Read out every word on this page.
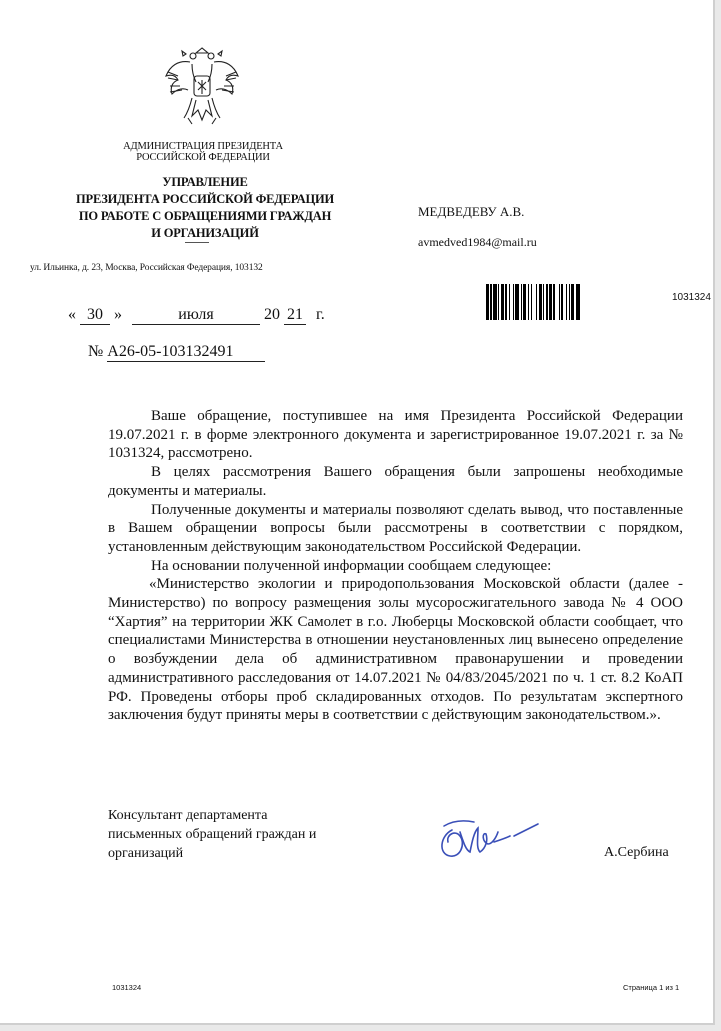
АДМИНИСТРАЦИЯ ПРЕЗИДЕНТА
РОССИЙСКОЙ ФЕДЕРАЦИИ
УПРАВЛЕНИЕ
ПРЕЗИДЕНТА РОССИЙСКОЙ ФЕДЕРАЦИИ
ПО РАБОТЕ С ОБРАЩЕНИЯМИ ГРАЖДАН
И ОРГАНИЗАЦИЙ
ул. Ильинка, д. 23, Москва, Российская Федерация, 103132
МЕДВЕДЕВУ А.В.
avmedved1984@mail.ru
1031324
« 30 »	июля	20 21 г.
№ А26-05-103132491

Ваше обращение, поступившее на имя Президента Российской Федерации 19.07.2021 г. в форме электронного документа и зарегистрированное 19.07.2021 г. за № 1031324, рассмотрено.

В целях рассмотрения Вашего обращения были запрошены необходимые документы и материалы.

Полученные документы и материалы позволяют сделать вывод, что поставленные в Вашем обращении вопросы были рассмотрены в соответствии с порядком, установленным действующим законодательством Российской Федерации.

На основании полученной информации сообщаем следующее:

«Министерство экологии и природопользования Московской области (далее - Министерство) по вопросу размещения золы мусоросжигательного завода № 4 ООО “Хартия” на территории ЖК Самолет в г.о. Люберцы Московской области сообщает, что специалистами Министерства в отношении неустановленных лиц вынесено определение о возбуждении дела об административном правонарушении и проведении административного расследования от 14.07.2021 № 04/83/2045/2021 по ч. 1 ст. 8.2 КоАП РФ. Проведены отборы проб складированных отходов. По результатам экспертного заключения будут приняты меры в соответствии с действующим законодательством.».

Консультант департамента
письменных обращений граждан и
организаций	А.Сербина
1031324	Страница 1 из 1
